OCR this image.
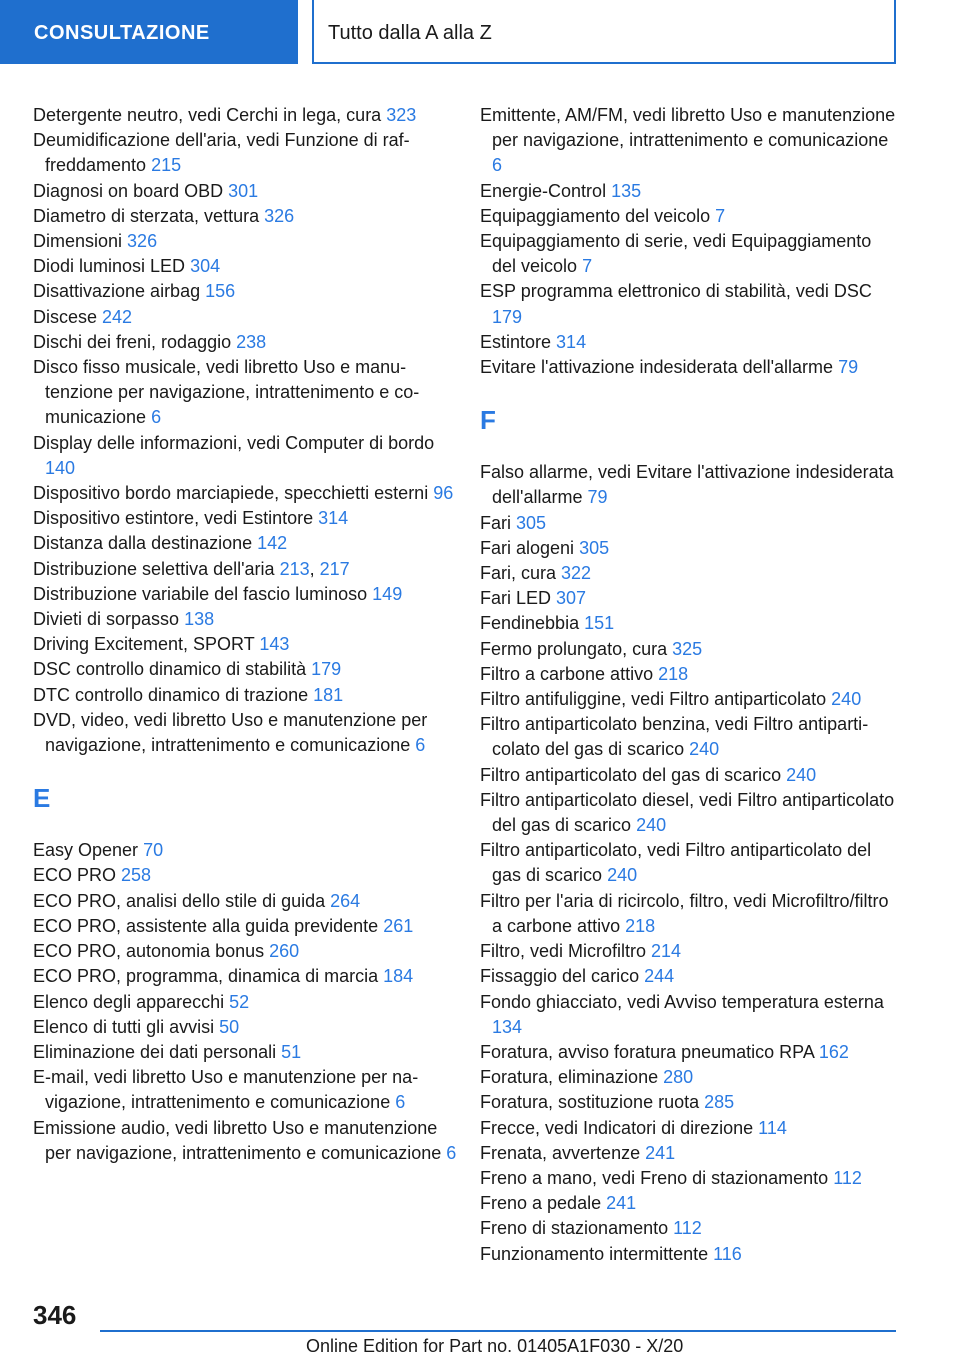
CONSULTAZIONE	Tutto dalla A alla Z
Detergente neutro, vedi Cerchi in lega, cura 323
Deumidificazione dell'aria, vedi Funzione di raffreddamento 215
Diagnosi on board OBD 301
Diametro di sterzata, vettura 326
Dimensioni 326
Diodi luminosi LED 304
Disattivazione airbag 156
Discese 242
Dischi dei freni, rodaggio 238
Disco fisso musicale, vedi libretto Uso e manutenzione per navigazione, intrattenimento e comunicazione 6
Display delle informazioni, vedi Computer di bordo 140
Dispositivo bordo marciapiede, specchietti esterni 96
Dispositivo estintore, vedi Estintore 314
Distanza dalla destinazione 142
Distribuzione selettiva dell'aria 213, 217
Distribuzione variabile del fascio luminoso 149
Divieti di sorpasso 138
Driving Excitement, SPORT 143
DSC controllo dinamico di stabilità 179
DTC controllo dinamico di trazione 181
DVD, video, vedi libretto Uso e manutenzione per navigazione, intrattenimento e comunicazione 6
E
Easy Opener 70
ECO PRO 258
ECO PRO, analisi dello stile di guida 264
ECO PRO, assistente alla guida previdente 261
ECO PRO, autonomia bonus 260
ECO PRO, programma, dinamica di marcia 184
Elenco degli apparecchi 52
Elenco di tutti gli avvisi 50
Eliminazione dei dati personali 51
E-mail, vedi libretto Uso e manutenzione per navigazione, intrattenimento e comunicazione 6
Emissione audio, vedi libretto Uso e manutenzione per navigazione, intrattenimento e comunicazione 6
Emittente, AM/FM, vedi libretto Uso e manutenzione per navigazione, intrattenimento e comunicazione 6
Energie-Control 135
Equipaggiamento del veicolo 7
Equipaggiamento di serie, vedi Equipaggiamento del veicolo 7
ESP programma elettronico di stabilità, vedi DSC 179
Estintore 314
Evitare l'attivazione indesiderata dell'allarme 79
F
Falso allarme, vedi Evitare l'attivazione indesiderata dell'allarme 79
Fari 305
Fari alogeni 305
Fari, cura 322
Fari LED 307
Fendinebbia 151
Fermo prolungato, cura 325
Filtro a carbone attivo 218
Filtro antifuliggine, vedi Filtro antiparticolato 240
Filtro antiparticolato benzina, vedi Filtro antiparticolato del gas di scarico 240
Filtro antiparticolato del gas di scarico 240
Filtro antiparticolato diesel, vedi Filtro antiparticolato del gas di scarico 240
Filtro antiparticolato, vedi Filtro antiparticolato del gas di scarico 240
Filtro per l'aria di ricircolo, filtro, vedi Microfiltro/​filtro a carbone attivo 218
Filtro, vedi Microfiltro 214
Fissaggio del carico 244
Fondo ghiacciato, vedi Avviso temperatura esterna 134
Foratura, avviso foratura pneumatico RPA 162
Foratura, eliminazione 280
Foratura, sostituzione ruota 285
Frecce, vedi Indicatori di direzione 114
Frenata, avvertenze 241
Freno a mano, vedi Freno di stazionamento 112
Freno a pedale 241
Freno di stazionamento 112
Funzionamento intermittente 116
346
Online Edition for Part no. 01405A1F030 - X/20
